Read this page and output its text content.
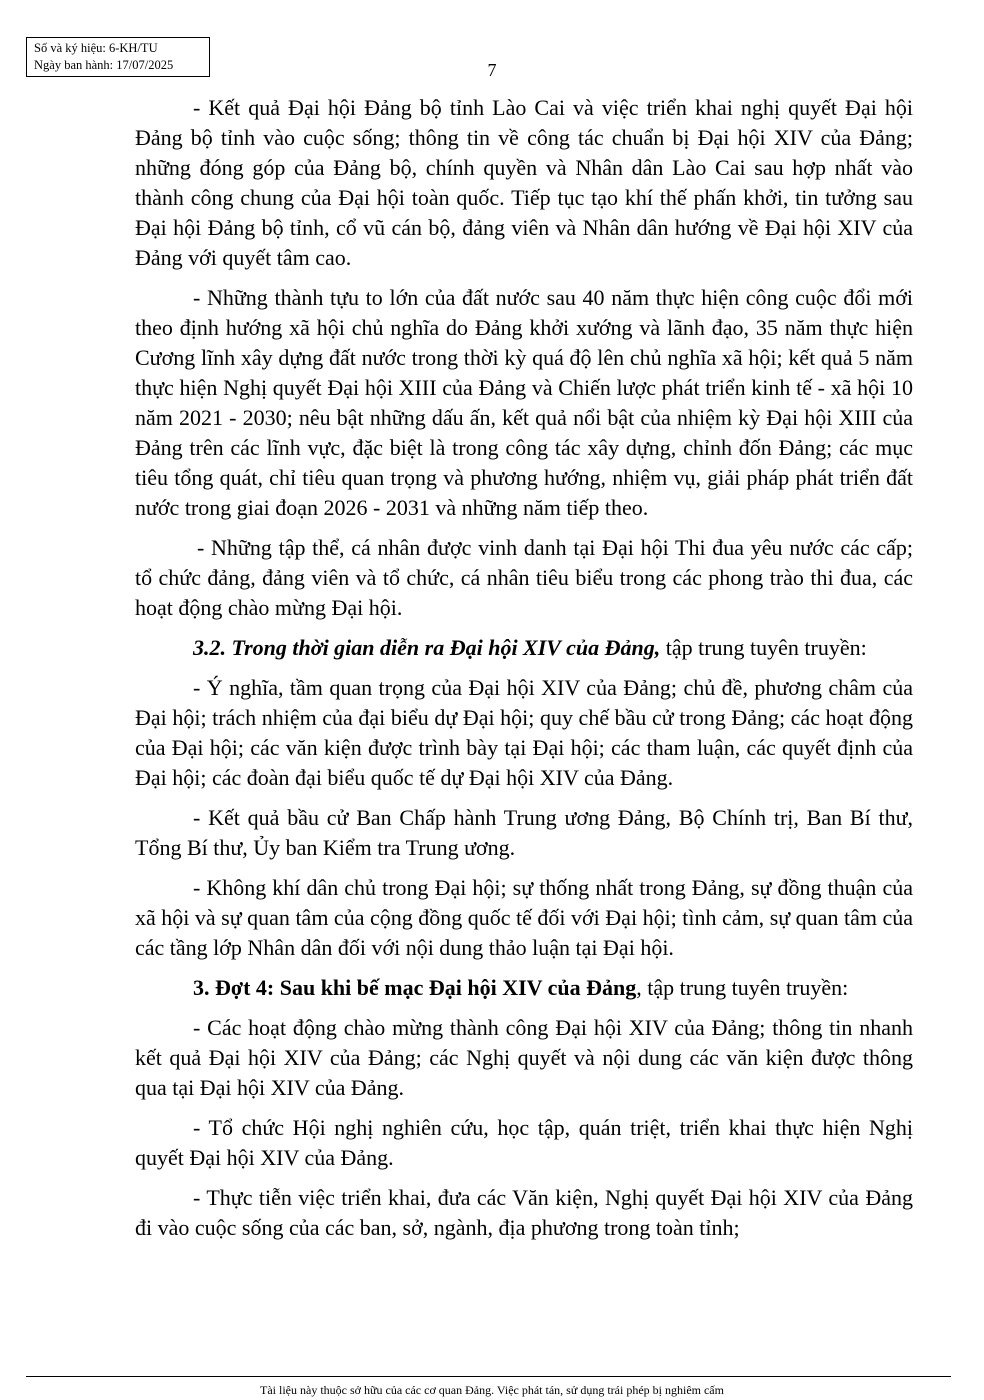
Số và ký hiệu: 6-KH/TU
Ngày ban hành: 17/07/2025	7

- Kết quả Đại hội Đảng bộ tỉnh Lào Cai và việc triển khai nghị quyết Đại hội Đảng bộ tỉnh vào cuộc sống; thông tin về công tác chuẩn bị Đại hội XIV của Đảng; những đóng góp của Đảng bộ, chính quyền và Nhân dân Lào Cai sau hợp nhất vào thành công chung của Đại hội toàn quốc. Tiếp tục tạo khí thế phấn khởi, tin tưởng sau Đại hội Đảng bộ tỉnh, cổ vũ cán bộ, đảng viên và Nhân dân hướng về Đại hội XIV của Đảng với quyết tâm cao.

- Những thành tựu to lớn của đất nước sau 40 năm thực hiện công cuộc đổi mới theo định hướng xã hội chủ nghĩa do Đảng khởi xướng và lãnh đạo, 35 năm thực hiện Cương lĩnh xây dựng đất nước trong thời kỳ quá độ lên chủ nghĩa xã hội; kết quả 5 năm thực hiện Nghị quyết Đại hội XIII của Đảng và Chiến lược phát triển kinh tế - xã hội 10 năm 2021 - 2030; nêu bật những dấu ấn, kết quả nổi bật của nhiệm kỳ Đại hội XIII của Đảng trên các lĩnh vực, đặc biệt là trong công tác xây dựng, chỉnh đốn Đảng; các mục tiêu tổng quát, chỉ tiêu quan trọng và phương hướng, nhiệm vụ, giải pháp phát triển đất nước trong giai đoạn 2026 - 2031 và những năm tiếp theo.

- Những tập thể, cá nhân được vinh danh tại Đại hội Thi đua yêu nước các cấp; tổ chức đảng, đảng viên và tổ chức, cá nhân tiêu biểu trong các phong trào thi đua, các hoạt động chào mừng Đại hội.

3.2. Trong thời gian diễn ra Đại hội XIV của Đảng, tập trung tuyên truyền:

- Ý nghĩa, tầm quan trọng của Đại hội XIV của Đảng; chủ đề, phương châm của Đại hội; trách nhiệm của đại biểu dự Đại hội; quy chế bầu cử trong Đảng; các hoạt động của Đại hội; các văn kiện được trình bày tại Đại hội; các tham luận, các quyết định của Đại hội; các đoàn đại biểu quốc tế dự Đại hội XIV của Đảng.

- Kết quả bầu cử Ban Chấp hành Trung ương Đảng, Bộ Chính trị, Ban Bí thư, Tổng Bí thư, Ủy ban Kiểm tra Trung ương.

- Không khí dân chủ trong Đại hội; sự thống nhất trong Đảng, sự đồng thuận của xã hội và sự quan tâm của cộng đồng quốc tế đối với Đại hội; tình cảm, sự quan tâm của các tầng lớp Nhân dân đối với nội dung thảo luận tại Đại hội.

3. Đợt 4: Sau khi bế mạc Đại hội XIV của Đảng, tập trung tuyên truyền:

- Các hoạt động chào mừng thành công Đại hội XIV của Đảng; thông tin nhanh kết quả Đại hội XIV của Đảng; các Nghị quyết và nội dung các văn kiện được thông qua tại Đại hội XIV của Đảng.

- Tổ chức Hội nghị nghiên cứu, học tập, quán triệt, triển khai thực hiện Nghị quyết Đại hội XIV của Đảng.

- Thực tiễn việc triển khai, đưa các Văn kiện, Nghị quyết Đại hội XIV của Đảng đi vào cuộc sống của các ban, sở, ngành, địa phương trong toàn tỉnh;

Tài liệu này thuộc sở hữu của các cơ quan Đảng. Việc phát tán, sử dụng trái phép bị nghiêm cấm
